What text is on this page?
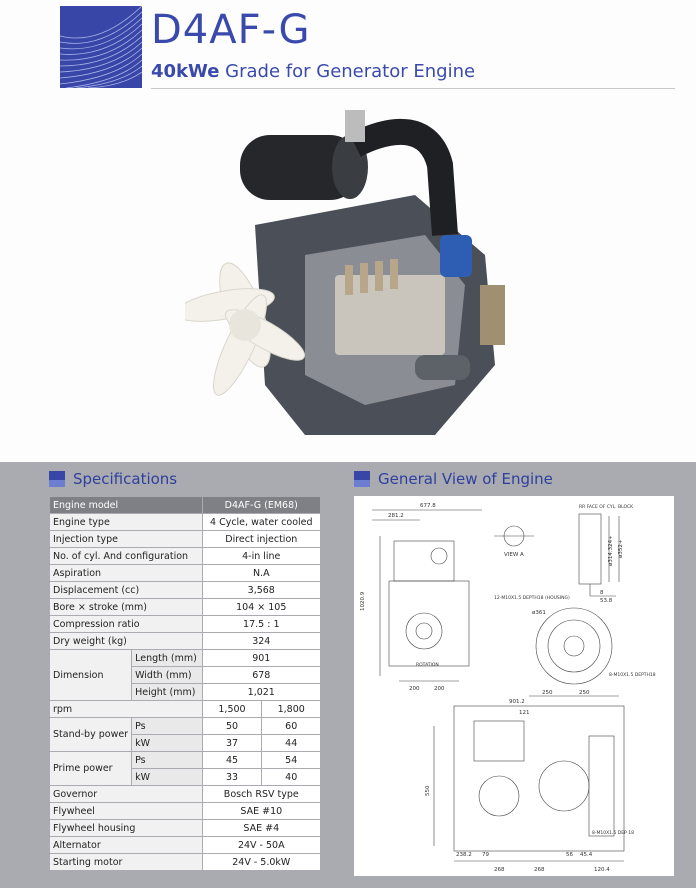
D4AF-G
40kWe Grade for Generator Engine
Specifications	General View of Engine
Engine model		D4AF-G (EM68)	
Engine type		4 Cycle, water cooled	
Injection type		Direct injection	
No. of cyl. And configuration		4-in line	
Aspiration		N.A	
Displacement (cc)		3,568	
Bore × stroke (mm)		104 × 105	
Compression ratio		17.5 : 1	
Dry weight (kg)		324	
Dimension	Length (mm)	901	
	Width (mm)	678	
	Height (mm)	1,021	
rpm		1,500	1,800
Stand-by power	Ps	50	60
	kW	37	44
Prime power	Ps	45	54
	kW	33	40
Governor		Bosch RSV type	
Flywheel		SAE #10	
Flywheel housing		SAE #4	
Alternator		24V - 50A	
Starting motor		24V - 5.0kW	
677.8
281.2
1020.9
200	200
ROTATION
VIEW A
RR FACE OF CYL. BLOCK
ø314.324+ ø352+
8
53.8
12-M10X1.5 DEPTH18 (HOUSING)
ø361
8-M10X1.5 DEPTH18
250	250
901.2
121
550
238.2 79
268	268
56 45.4
120.4
8-M10X1.5 DEP 18
